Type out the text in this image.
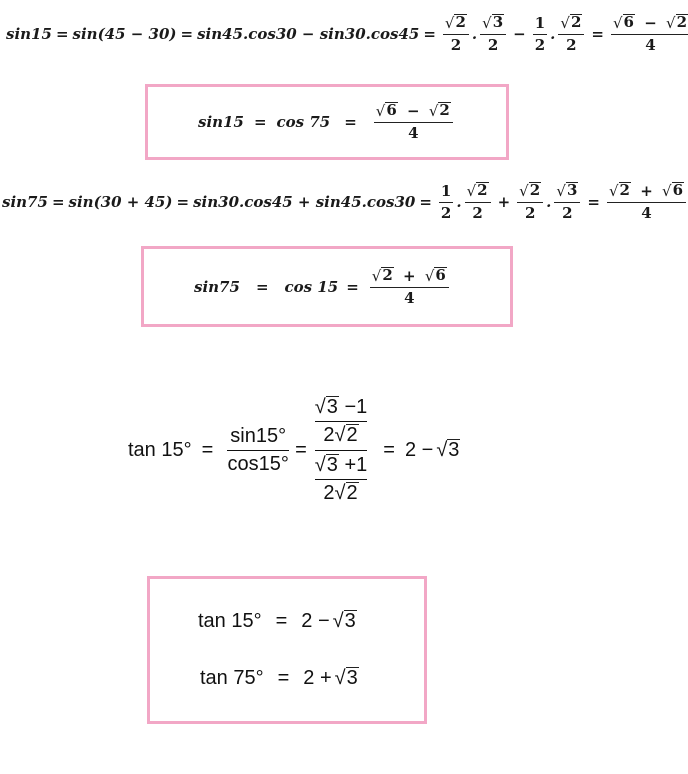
$\sin 15 = \sin(45 - 30) = \sin 45.\cos 30 - \sin 30.\cos 45 = \frac{√ 2}{2}$ . $\frac{√ 3}{2} - \frac{1}{2}$ . $\frac{√ 2}{2} = \frac{√ 6 - √ 2}{4}$
$\sin 15 = \cos 75 = \frac{√ 6 - √ 2}{4}$
$\sin 75 = \sin(30 + 45) = \sin 30.\cos 45 + \sin 45.\cos 30 = \frac{1}{2}$ . $\frac{√ 2}{2} + \frac{√ 2}{2}$ . $\frac{√ 3}{2} = \frac{√ 2 + √ 6}{4}$
$\sin 75 = \cos 15 = \frac{√ 2 + √ 6}{4}$
$\tan 15^\circ = \frac{\sin 15^\circ}{\cos 15^\circ}$ =
√ 3 −1
2 √ 2
√ 3 +1
2 √ 2
= 2 − √ 3
tan 15° = 2 − √ 3
tan 75° = 2 + √ 3
